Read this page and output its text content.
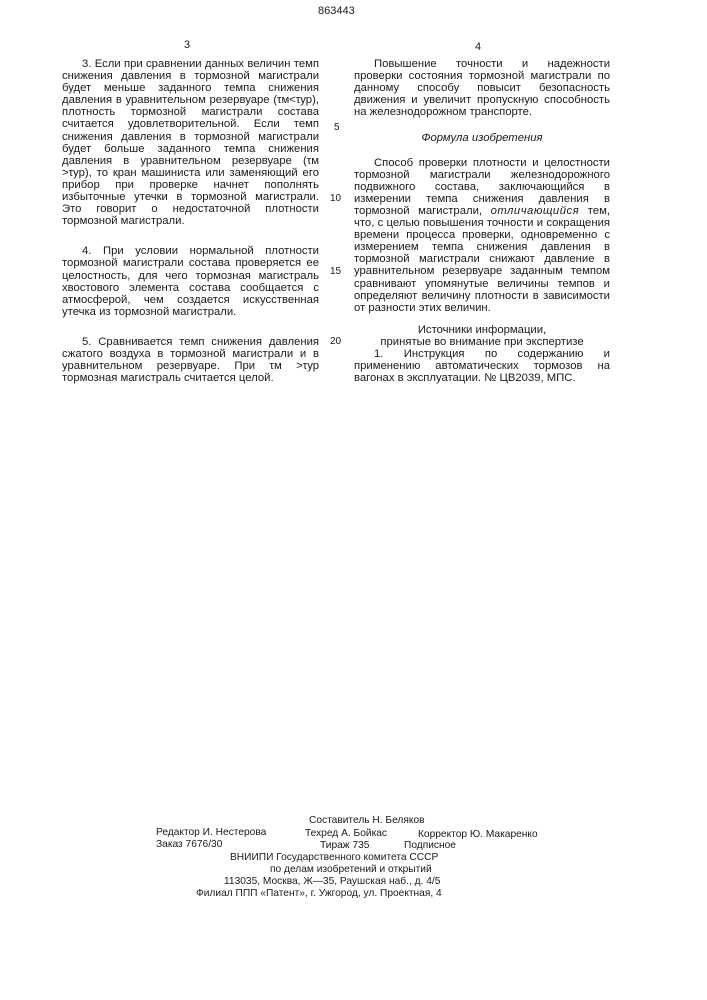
863443
3	4

3. Если при сравнении данных величин темп снижения давления в тормозной магистрали будет меньше заданного темпа снижения давления в уравнительном резервуаре (τм<τур), плотность тормозной магистрали состава считается удовлетворительной. Если темп снижения давления в тормозной магистрали будет больше заданного темпа снижения давления в уравнительном резервуаре (τм >τур), то кран машиниста или заменяющий его прибор при проверке начнет пополнять избыточные утечки в тормозной магистрали. Это говорит о недостаточной плотности тормозной магистрали.

4. При условии нормальной плотности тормозной магистрали состава проверяется ее целостность, для чего тормозная магистраль хвостового элемента состава сообщается с атмосферой, чем создается искусственная утечка из тормозной магистрали.

5. Сравнивается темп снижения давления сжатого воздуха в тормозной магистрали и в уравнительном резервуаре. При τм >τур тормозная магистраль считается целой.

5
10
15
20

Повышение точности и надежности проверки состояния тормозной магистрали по данному способу повысит безопасность движения и увеличит пропускную способность на железнодорожном транспорте.

Формула изобретения

Способ проверки плотности и целостности тормозной магистрали железнодорожного подвижного состава, заключающийся в измерении темпа снижения давления в тормозной магистрали, отличающийся тем, что, с целью повышения точности и сокращения времени процесса проверки, одновременно с измерением темпа снижения давления в тормозной магистрали снижают давление в уравнительном резервуаре заданным темпом сравнивают упомянутые величины темпов и определяют величину плотности в зависимости от разности этих величин.

Источники информации,

принятые во внимание при экспертизе

1. Инструкция по содержанию и применению автоматических тормозов на вагонах в эксплуатации. № ЦВ2039, МПС.

Составитель Н. Беляков
Редактор И. Нестерова	Техред А. Бойкас	Корректор Ю. Макаренко
Заказ 7676/30	Тираж 735	Подписное
ВНИИПИ Государственного комитета СССР
по делам изобретений и открытий
113035, Москва, Ж—35, Раушская наб., д. 4/5
Филиал ППП «Патент», г. Ужгород, ул. Проектная, 4
